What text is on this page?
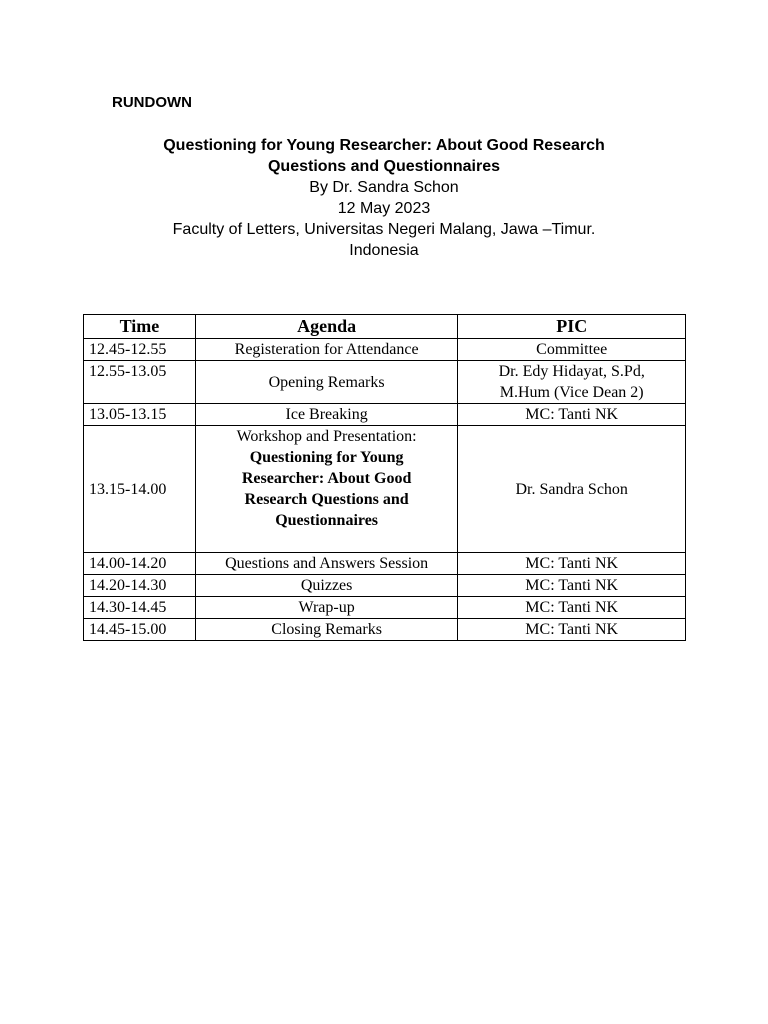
RUNDOWN
Questioning for Young Researcher: About Good Research
Questions and Questionnaires
By Dr. Sandra Schon
12 May 2023
Faculty of Letters, Universitas Negeri Malang, Jawa –Timur.
Indonesia
Time	Agenda	PIC
12.45-12.55	Registeration for Attendance	Committee
12.55-13.05	Opening Remarks	Dr. Edy Hidayat, S.Pd,
M.Hum (Vice Dean 2)

13.05-13.15	Ice Breaking	MC: Tanti NK
13.15-14.00	Workshop and Presentation:
Questioning for Young
Researcher: About Good
Research Questions and
Questionnaires	Dr. Sandra Schon
14.00-14.20	Questions and Answers Session	MC: Tanti NK
14.20-14.30	Quizzes	MC: Tanti NK
14.30-14.45	Wrap-up	MC: Tanti NK
14.45-15.00	Closing Remarks	MC: Tanti NK
